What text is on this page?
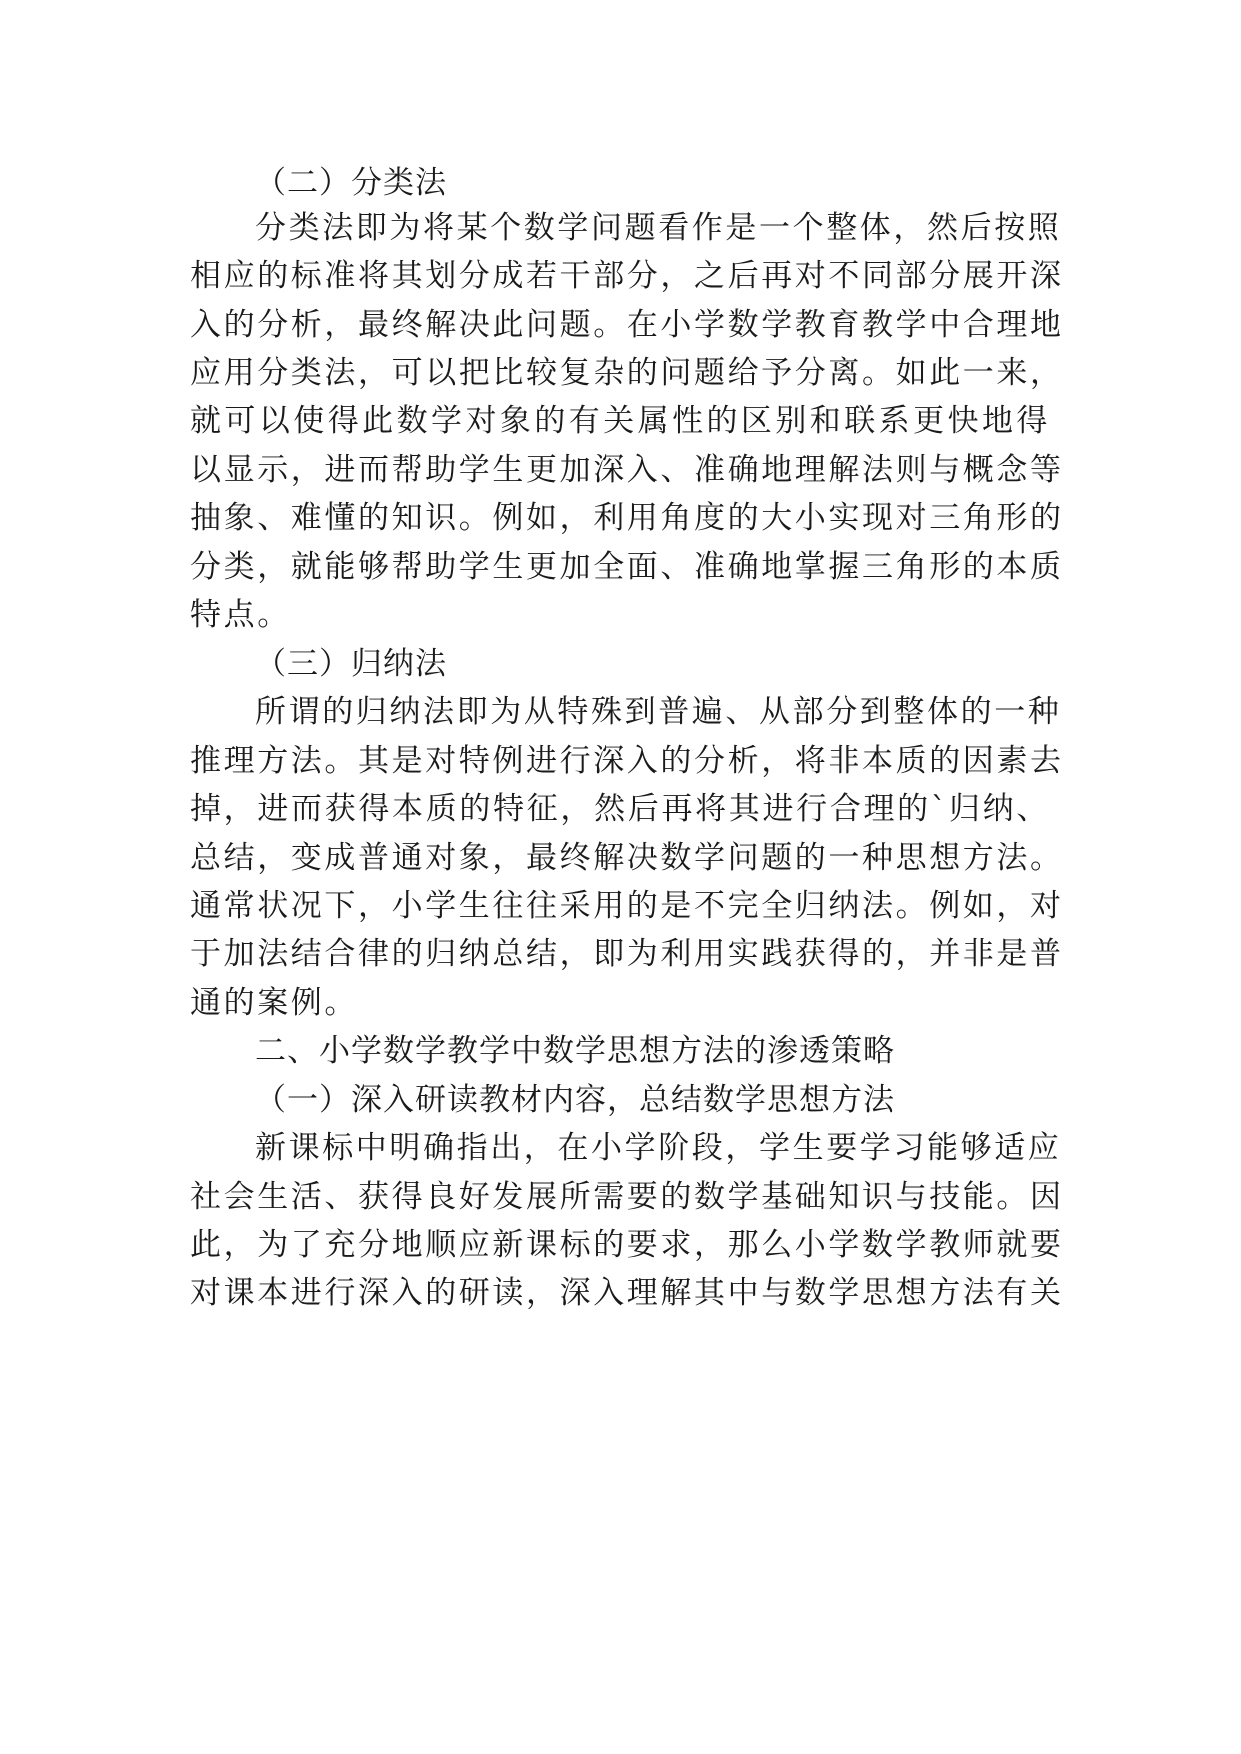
（二）分类法
分类法即为将某个数学问题看作是一个整体，然后按照
相应的标准将其划分成若干部分，之后再对不同部分展开深
入的分析，最终解决此问题。在小学数学教育教学中合理地
应用分类法，可以把比较复杂的问题给予分离。如此一来，
就可以使得此数学对象的有关属性的区别和联系更快地得
以显示，进而帮助学生更加深入、准确地理解法则与概念等
抽象、难懂的知识。例如，利用角度的大小实现对三角形的
分类，就能够帮助学生更加全面、准确地掌握三角形的本质
特点。
（三）归纳法
所谓的归纳法即为从特殊到普遍、从部分到整体的一种
推理方法。其是对特例进行深入的分析，将非本质的因素去
掉，进而获得本质的特征，然后再将其进行合理的`归纳、
总结，变成普通对象，最终解决数学问题的一种思想方法。
通常状况下，小学生往往采用的是不完全归纳法。例如，对
于加法结合律的归纳总结，即为利用实践获得的，并非是普
通的案例。
二、小学数学教学中数学思想方法的渗透策略
（一）深入研读教材内容，总结数学思想方法
新课标中明确指出，在小学阶段，学生要学习能够适应
社会生活、获得良好发展所需要的数学基础知识与技能。因
此，为了充分地顺应新课标的要求，那么小学数学教师就要
对课本进行深入的研读，深入理解其中与数学思想方法有关
